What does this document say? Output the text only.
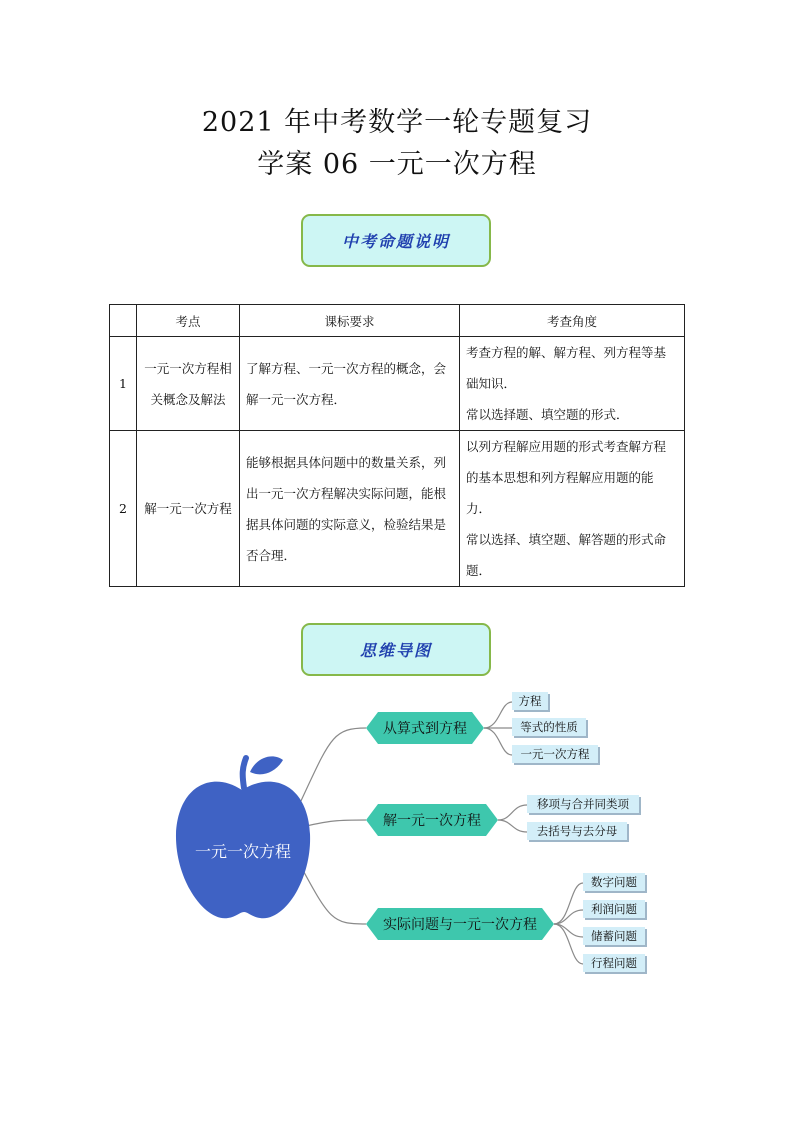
2021 年中考数学一轮专题复习
学案 06 一元一次方程
中考命题说明
	考点	课标要求	考查角度
1	一元一次方程相关概念及解法	了解方程、一元一次方程的概念，会解一元一次方程．	考查方程的解、解方程、列方程等基础知识．

常以选择题、填空题的形式．

2	解一元一次方程	能够根据具体问题中的数量关系，列出一元一次方程解决实际问题，能根据具体问题的实际意义，检验结果是否合理．	以列方程解应用题的形式考查解方程的基本思想和列方程解应用题的能力．

常以选择、填空题、解答题的形式命题．

思维导图
一元一次方程
从算式到方程
解一元一次方程
实际问题与一元一次方程
方程
等式的性质
一元一次方程
移项与合并同类项
去括号与去分母
数字问题
利润问题
储蓄问题
行程问题
